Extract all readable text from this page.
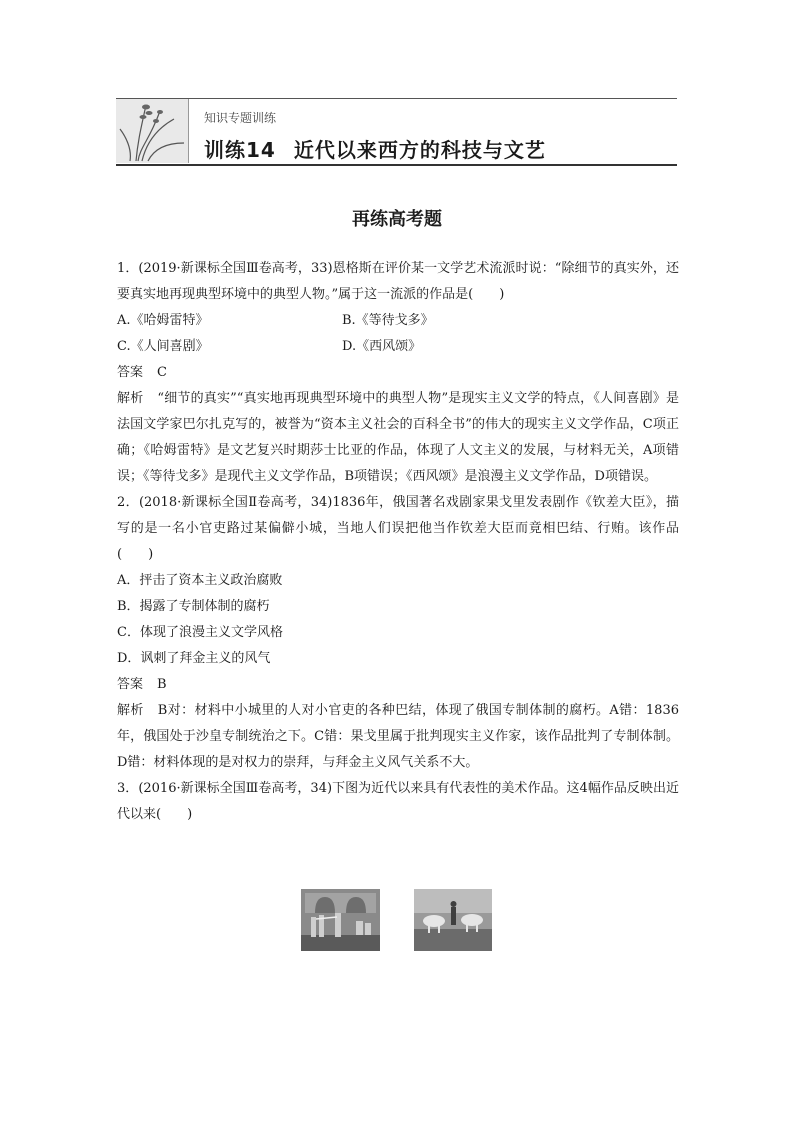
知识专题训练
训练14 近代以来西方的科技与文艺
再练高考题

1．(2019·新课标全国Ⅲ卷高考，33)恩格斯在评价某一文学艺术流派时说：“除细节的真实外，还要真实地再现典型环境中的典型人物。”属于这一流派的作品是(　　)

A.《哈姆雷特》	B.《等待戈多》
C.《人间喜剧》	D.《西风颂》

答案 C

解析 “细节的真实”“真实地再现典型环境中的典型人物”是现实主义文学的特点，《人间喜剧》是法国文学家巴尔扎克写的，被誉为“资本主义社会的百科全书”的伟大的现实主义文学作品，C项正确；《哈姆雷特》是文艺复兴时期莎士比亚的作品，体现了人文主义的发展，与材料无关，A项错误；《等待戈多》是现代主义文学作品，B项错误；《西风颂》是浪漫主义文学作品，D项错误。

2．(2018·新课标全国Ⅱ卷高考，34)1836年，俄国著名戏剧家果戈里发表剧作《钦差大臣》，描写的是一名小官吏路过某偏僻小城，当地人们误把他当作钦差大臣而竟相巴结、行贿。该作品(　　)

A．抨击了资本主义政治腐败

B．揭露了专制体制的腐朽

C．体现了浪漫主义文学风格

D．讽刺了拜金主义的风气

答案 B

解析 B对：材料中小城里的人对小官吏的各种巴结，体现了俄国专制体制的腐朽。A错：1836年，俄国处于沙皇专制统治之下。C错：果戈里属于批判现实主义作家，该作品批判了专制体制。D错：材料体现的是对权力的崇拜，与拜金主义风气关系不大。

3．(2016·新课标全国Ⅲ卷高考，34)下图为近代以来具有代表性的美术作品。这4幅作品反映出近代以来(　　)
